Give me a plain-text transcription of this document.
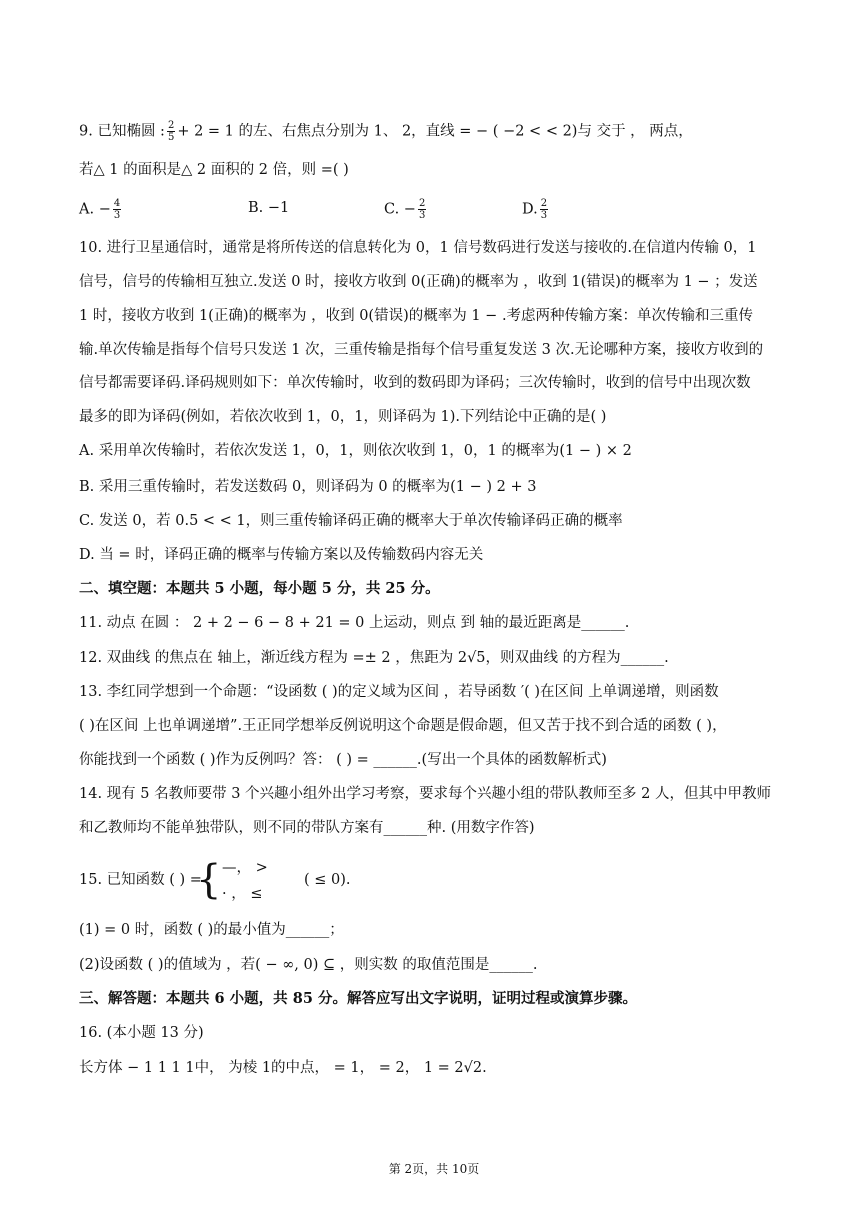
9. 已知椭圆 : $\frac{2}{5} + 2 = 1$ 的左、右焦点分别为 1、 2，直线 = − ( −2 < < 2)与 交于 ， 两点，
若△ 1 的面积是△ 2 面积的 2 倍，则 =( )
A. − $\frac{4}{3}$	B. −1	C. − $\frac{2}{3}$	D. $\frac{2}{3}$
10. 进行卫星通信时，通常是将所传送的信息转化为 0，1 信号数码进行发送与接收的.在信道内传输 0，1
信号，信号的传输相互独立.发送 0 时，接收方收到 0(正确)的概率为 ，收到 1(错误)的概率为 1 − ；发送
1 时，接收方收到 1(正确)的概率为 ，收到 0(错误)的概率为 1 − .考虑两种传输方案：单次传输和三重传
输.单次传输是指每个信号只发送 1 次，三重传输是指每个信号重复发送 3 次.无论哪种方案，接收方收到的
信号都需要译码.译码规则如下：单次传输时，收到的数码即为译码；三次传输时，收到的信号中出现次数
最多的即为译码(例如，若依次收到 1，0，1，则译码为 1).下列结论中正确的是( )
A. 采用单次传输时，若依次发送 1，0，1，则依次收到 1，0，1 的概率为(1 − ) × 2
B. 采用三重传输时，若发送数码 0，则译码为 0 的概率为(1 − ) 2 + 3
C. 发送 0，若 0.5 < < 1，则三重传输译码正确的概率大于单次传输译码正确的概率
D. 当 = 时，译码正确的概率与传输方案以及传输数码内容无关
二、填空题：本题共 5 小题，每小题 5 分，共 25 分。
11. 动点 在圆 ： 2 + 2 − 6 − 8 + 21 = 0 上运动，则点 到 轴的最近距离是______.
12. 双曲线 的焦点在 轴上，渐近线方程为 =± 2 ，焦距为 2√5，则双曲线 的方程为______.
13. 李红同学想到一个命题：“设函数 ( )的定义域为区间 ，若导函数 ′( )在区间 上单调递增，则函数
( )在区间 上也单调递增”.王正同学想举反例说明这个命题是假命题，但又苦于找不到合适的函数 ( )，
你能找到一个函数 ( )作为反例吗？答： ( ) = ______.(写出一个具体的函数解析式)
14. 现有 5 名教师要带 3 个兴趣小组外出学习考察，要求每个兴趣小组的带队教师至多 2 人，但其中甲教师
和乙教师均不能单独带队，则不同的带队方案有______种. (用数字作答)
15. 已知函数 ( ) =
{ —， >
· ， ≤
( ≤ 0).
(1) = 0 时，函数 ( )的最小值为______；
(2)设函数 ( )的值域为 ，若( − ∞, 0) ⊆ ，则实数 的取值范围是______.
三、解答题：本题共 6 小题，共 85 分。解答应写出文字说明，证明过程或演算步骤。
16. (本小题 13 分)
长方体 − 1 1 1 1中， 为棱 1的中点， = 1， = 2， 1 = 2√2.
第 2页，共 10页
